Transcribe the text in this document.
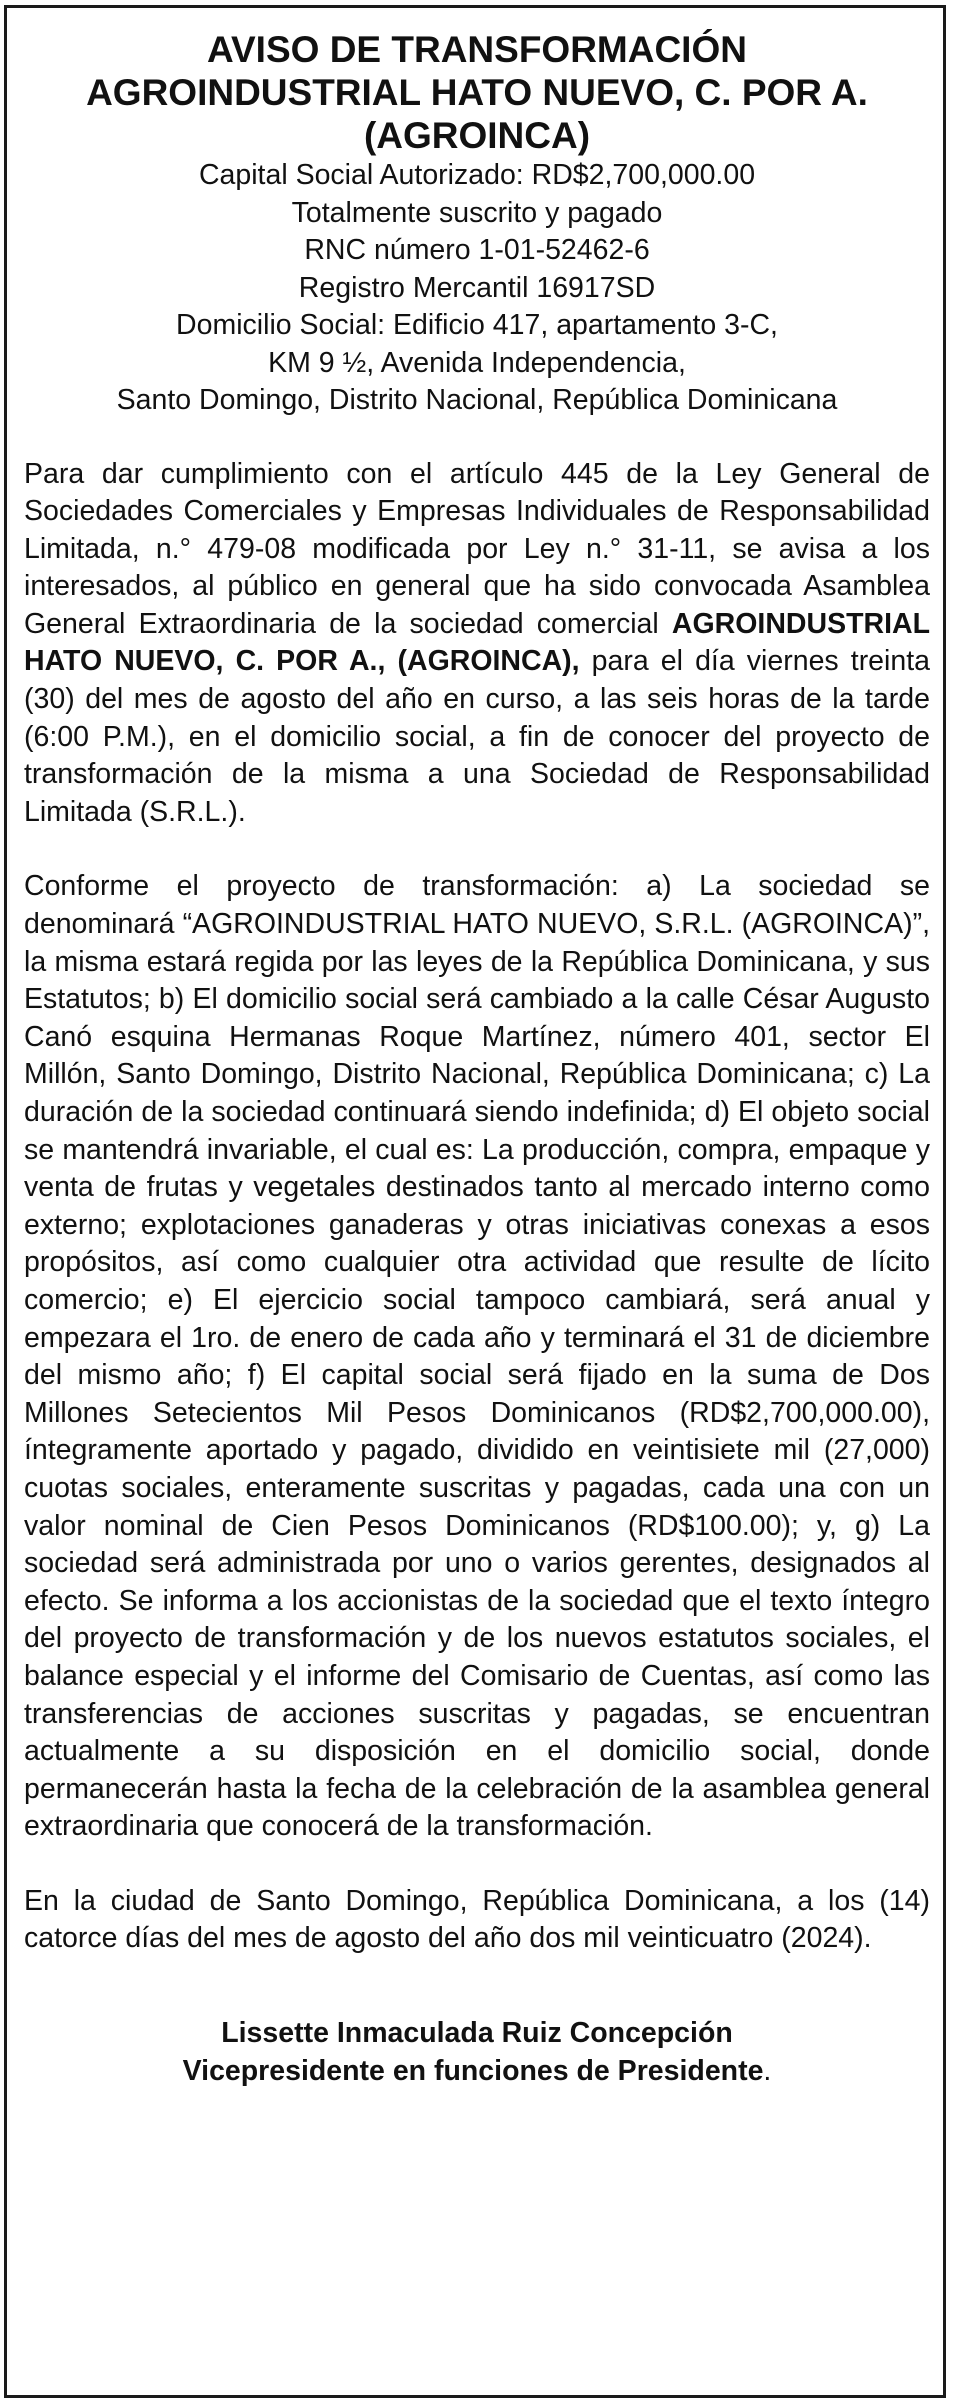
AVISO DE TRANSFORMACIÓN

AGROINDUSTRIAL HATO NUEVO, C. POR A.

(AGROINCA)

Capital Social Autorizado: RD$2,700,000.00

Totalmente suscrito y pagado

RNC número 1-01-52462-6

Registro Mercantil 16917SD

Domicilio Social: Edificio 417, apartamento 3-C,

KM 9 ½, Avenida Independencia,

Santo Domingo, Distrito Nacional, República Dominicana

Para dar cumplimiento con el artículo 445 de la Ley General de Sociedades Comerciales y Empresas Individuales de Responsabilidad Limitada, n.° 479-08 modificada por Ley n.° 31-11, se avisa a los interesados, al público en general que ha sido convocada Asamblea General Extraordinaria de la sociedad comercial AGROINDUSTRIAL HATO NUEVO, C. POR A., (AGROINCA), para el día viernes treinta (30) del mes de agosto del año en curso, a las seis horas de la tarde (6:00 P.M.), en el domicilio social, a fin de conocer del proyecto de transformación de la misma a una Sociedad de Responsabilidad Limitada (S.R.L.).

Conforme el proyecto de transformación: a) La sociedad se denominará “AGROINDUSTRIAL HATO NUEVO, S.R.L. (AGROINCA)”, la misma estará regida por las leyes de la República Dominicana, y sus Estatutos; b) El domicilio social será cambiado a la calle César Augusto Canó esquina Hermanas Roque Martínez, número 401, sector El Millón, Santo Domingo, Distrito Nacional, República Dominicana; c) La duración de la sociedad continuará siendo indefinida; d) El objeto social se mantendrá invariable, el cual es: La producción, compra, empaque y venta de frutas y vegetales destinados tanto al mercado interno como externo; explotaciones ganaderas y otras iniciativas conexas a esos propósitos, así como cualquier otra actividad que resulte de lícito comercio; e) El ejercicio social tampoco cambiará, será anual y empezara el 1ro. de enero de cada año y terminará el 31 de diciembre del mismo año; f) El capital social será fijado en la suma de Dos Millones Setecientos Mil Pesos Dominicanos (RD$2,700,000.00), íntegramente aportado y pagado, dividido en veintisiete mil (27,000) cuotas sociales, enteramente suscritas y pagadas, cada una con un valor nominal de Cien Pesos Dominicanos (RD$100.00); y, g) La sociedad será administrada por uno o varios gerentes, designados al efecto. Se informa a los accionistas de la sociedad que el texto íntegro del proyecto de transformación y de los nuevos estatutos sociales, el balance especial y el informe del Comisario de Cuentas, así como las transferencias de acciones suscritas y pagadas, se encuentran actualmente a su disposición en el domicilio social, donde permanecerán hasta la fecha de la celebración de la asamblea general extraordinaria que conocerá de la transformación.

En la ciudad de Santo Domingo, República Dominicana, a los (14) catorce días del mes de agosto del año dos mil veinticuatro (2024).

Lissette Inmaculada Ruiz Concepción
Vicepresidente en funciones de Presidente.
